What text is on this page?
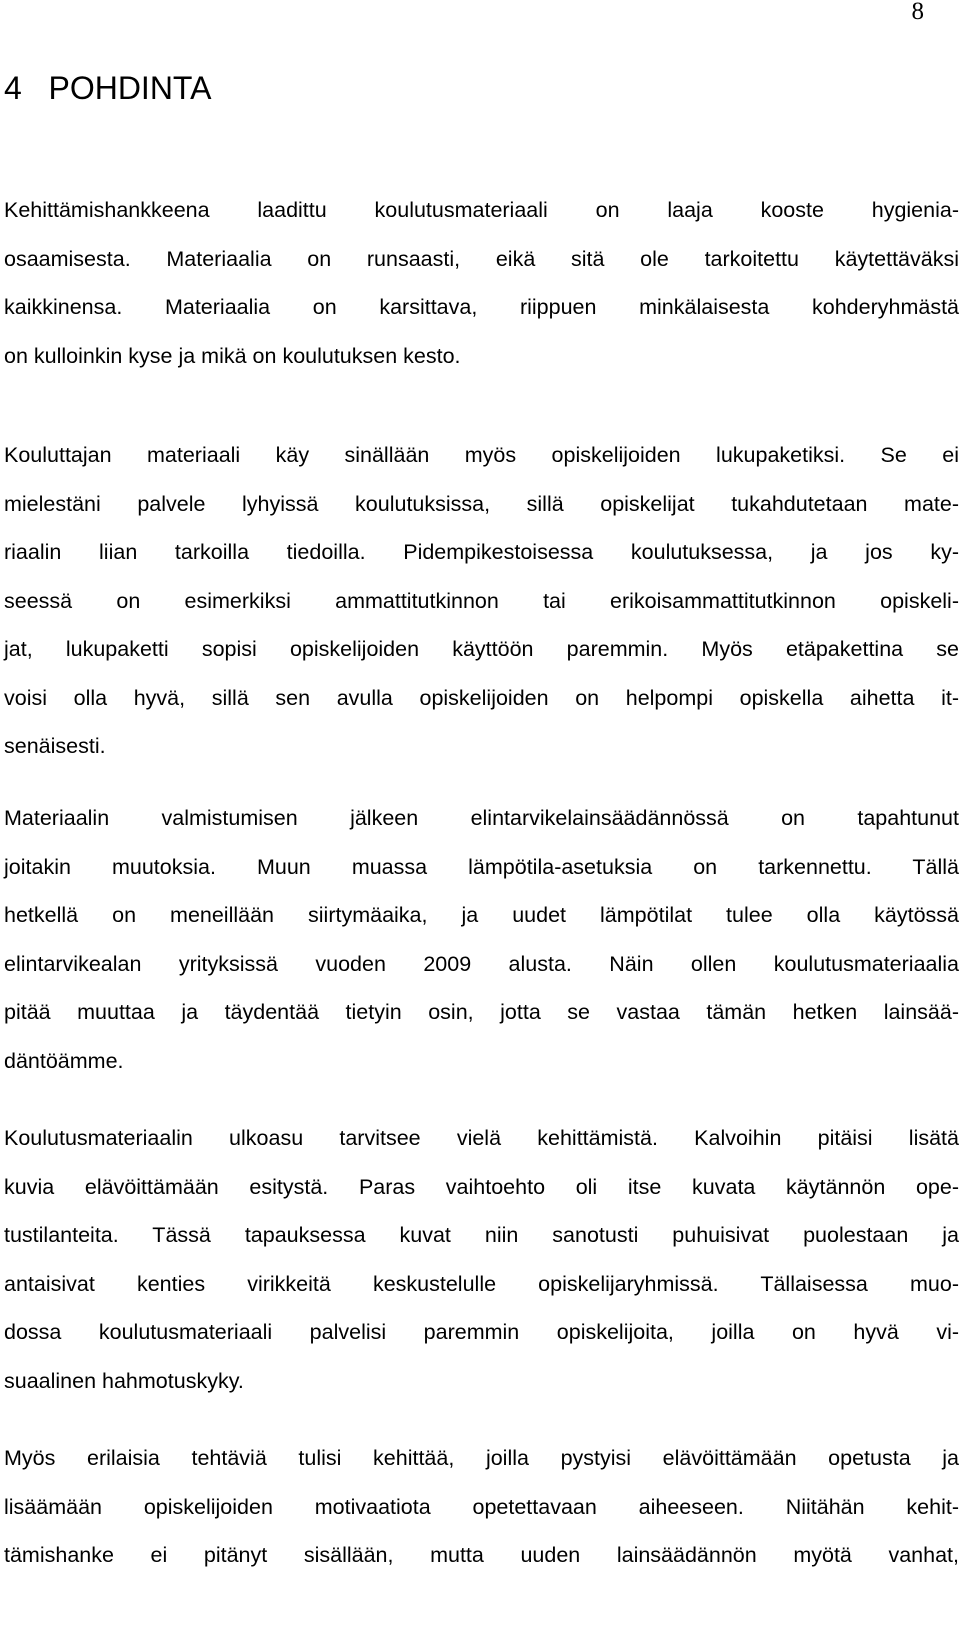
8
4 POHDINTA
Kehittämishankkeena laadittu koulutusmateriaali on laaja kooste hygienia-
osaamisesta. Materiaalia on runsaasti, eikä sitä ole tarkoitettu käytettäväksi
kaikkinensa. Materiaalia on karsittava, riippuen minkälaisesta kohderyhmästä
on kulloinkin kyse ja mikä on koulutuksen kesto.
Kouluttajan materiaali käy sinällään myös opiskelijoiden lukupaketiksi. Se ei
mielestäni palvele lyhyissä koulutuksissa, sillä opiskelijat tukahdutetaan mate-
riaalin liian tarkoilla tiedoilla. Pidempikestoisessa koulutuksessa, ja jos ky-
seessä on esimerkiksi ammattitutkinnon tai erikoisammattitutkinnon opiskeli-
jat, lukupaketti sopisi opiskelijoiden käyttöön paremmin. Myös etäpakettina se
voisi olla hyvä, sillä sen avulla opiskelijoiden on helpompi opiskella aihetta it-
senäisesti.
Materiaalin valmistumisen jälkeen elintarvikelainsäädännössä on tapahtunut
joitakin muutoksia. Muun muassa lämpötila-asetuksia on tarkennettu. Tällä
hetkellä on meneillään siirtymäaika, ja uudet lämpötilat tulee olla käytössä
elintarvikealan yrityksissä vuoden 2009 alusta. Näin ollen koulutusmateriaalia
pitää muuttaa ja täydentää tietyin osin, jotta se vastaa tämän hetken lainsää-
däntöämme.
Koulutusmateriaalin ulkoasu tarvitsee vielä kehittämistä. Kalvoihin pitäisi lisätä
kuvia elävöittämään esitystä. Paras vaihtoehto oli itse kuvata käytännön ope-
tustilanteita. Tässä tapauksessa kuvat niin sanotusti puhuisivat puolestaan ja
antaisivat kenties virikkeitä keskustelulle opiskelijaryhmissä. Tällaisessa muo-
dossa koulutusmateriaali palvelisi paremmin opiskelijoita, joilla on hyvä vi-
suaalinen hahmotuskyky.
Myös erilaisia tehtäviä tulisi kehittää, joilla pystyisi elävöittämään opetusta ja
lisäämään opiskelijoiden motivaatiota opetettavaan aiheeseen. Niitähän kehit-
tämishanke ei pitänyt sisällään, mutta uuden lainsäädännön myötä vanhat,
